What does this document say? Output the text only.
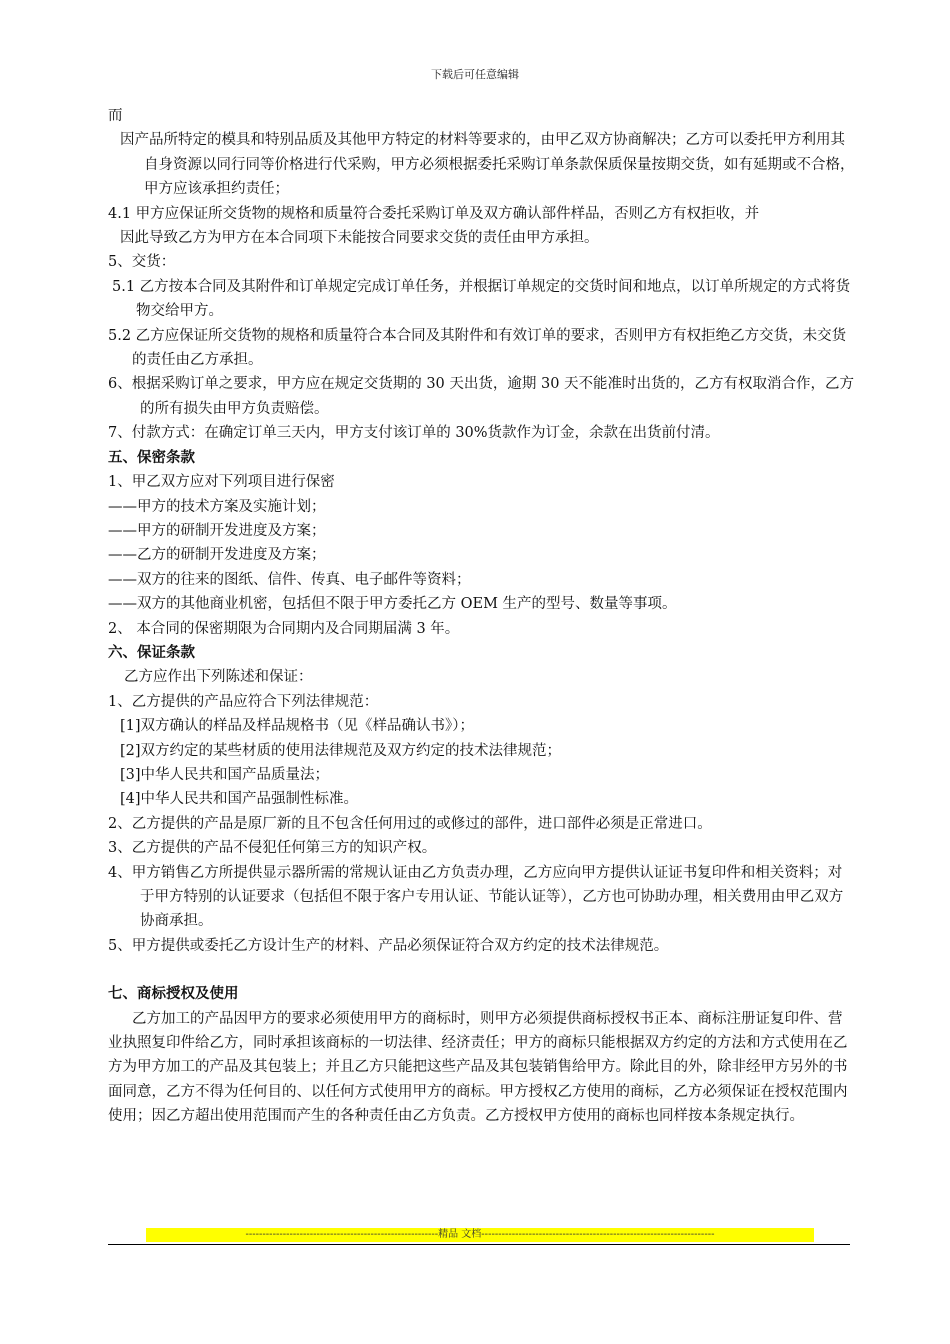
下载后可任意编辑

而

因产品所特定的模具和特别品质及其他甲方特定的材料等要求的，由甲乙双方协商解决；乙方可以委托甲方利用其自身资源以同行同等价格进行代采购，甲方必须根据委托采购订单条款保质保量按期交货，如有延期或不合格，甲方应该承担约责任；

4.1 甲方应保证所交货物的规格和质量符合委托采购订单及双方确认部件样品，否则乙方有权拒收，并

因此导致乙方为甲方在本合同项下未能按合同要求交货的责任由甲方承担。

5、交货：

5.1 乙方按本合同及其附件和订单规定完成订单任务，并根据订单规定的交货时间和地点，以订单所规定的方式将货物交给甲方。

5.2 乙方应保证所交货物的规格和质量符合本合同及其附件和有效订单的要求，否则甲方有权拒绝乙方交货，未交货的责任由乙方承担。

6、根据采购订单之要求，甲方应在规定交货期的 30 天出货，逾期 30 天不能准时出货的，乙方有权取消合作，乙方的所有损失由甲方负责赔偿。

7、付款方式：在确定订单三天内，甲方支付该订单的 30%货款作为订金，余款在出货前付清。

五、保密条款

1、甲乙双方应对下列项目进行保密

——甲方的技术方案及实施计划；

——甲方的研制开发进度及方案；

——乙方的研制开发进度及方案；

——双方的往来的图纸、信件、传真、电子邮件等资料；

——双方的其他商业机密，包括但不限于甲方委托乙方 OEM 生产的型号、数量等事项。

2、 本合同的保密期限为合同期内及合同期届满 3 年。

六、保证条款

乙方应作出下列陈述和保证：

1、乙方提供的产品应符合下列法律规范：

[1]双方确认的样品及样品规格书（见《样品确认书》）；

[2]双方约定的某些材质的使用法律规范及双方约定的技术法律规范；

[3]中华人民共和国产品质量法；

[4]中华人民共和国产品强制性标准。

2、乙方提供的产品是原厂新的且不包含任何用过的或修过的部件，进口部件必须是正常进口。

3、乙方提供的产品不侵犯任何第三方的知识产权。

4、甲方销售乙方所提供显示器所需的常规认证由乙方负责办理，乙方应向甲方提供认证证书复印件和相关资料；对于甲方特别的认证要求（包括但不限于客户专用认证、节能认证等），乙方也可协助办理，相关费用由甲乙双方协商承担。

5、甲方提供或委托乙方设计生产的材料、产品必须保证符合双方约定的技术法律规范。

七、商标授权及使用

乙方加工的产品因甲方的要求必须使用甲方的商标时，则甲方必须提供商标授权书正本、商标注册证复印件、营业执照复印件给乙方，同时承担该商标的一切法律、经济责任；甲方的商标只能根据双方约定的方法和方式使用在乙方为甲方加工的产品及其包装上；并且乙方只能把这些产品及其包装销售给甲方。除此目的外，除非经甲方另外的书面同意，乙方不得为任何目的、以任何方式使用甲方的商标。甲方授权乙方使用的商标，乙方必须保证在授权范围内使用；因乙方超出使用范围而产生的各种责任由乙方负责。乙方授权甲方使用的商标也同样按本条规定执行。

---------------------------------------------------------精品 文档---------------------------------------------------------------------
